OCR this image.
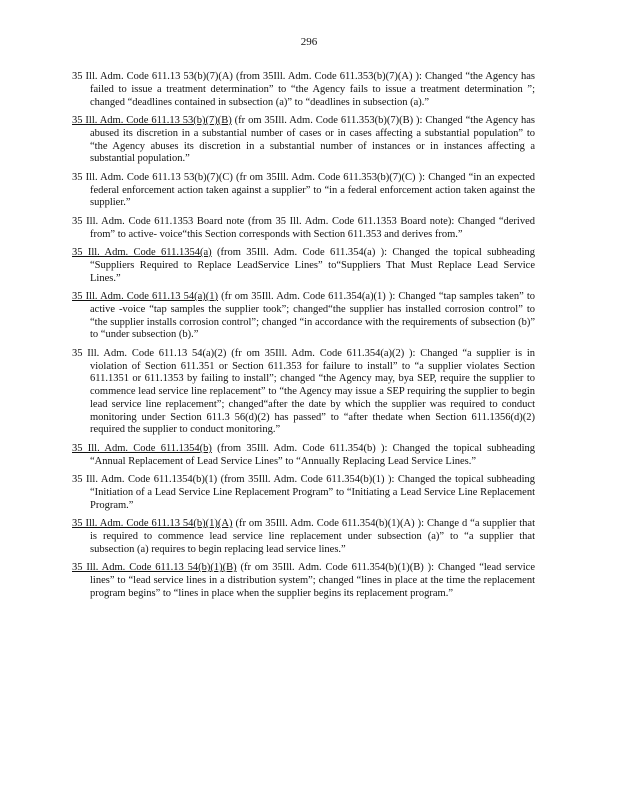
296

35 Ill. Adm. Code 611.13 53(b)(7)(A) (from 35Ill. Adm. Code 611.353(b)(7)(A) ): Changed “the Agency has failed to issue a treatment determination” to “the Agency fails to issue a treatment determination ”; changed “deadlines contained in subsection (a)” to “deadlines in subsection (a).”

35 Ill. Adm. Code 611.13 53(b)(7)(B) (fr om 35Ill. Adm. Code 611.353(b)(7)(B) ): Changed “the Agency has abused its discretion in a substantial number of cases or in cases affecting a substantial population” to “the Agency abuses its discretion in a substantial number of instances or in instances affecting a substantial population.”

35 Ill. Adm. Code 611.13 53(b)(7)(C) (fr om 35Ill. Adm. Code 611.353(b)(7)(C) ): Changed “in an expected federal enforcement action taken against a supplier” to “in a federal enforcement action taken against the supplier.”

35 Ill. Adm. Code 611.1353 Board note (from 35 Ill. Adm. Code 611.1353 Board note): Changed “derived from” to active- voice“this Section corresponds with Section 611.353 and derives from.”

35 Ill. Adm. Code 611.1354(a) (from 35Ill. Adm. Code 611.354(a) ): Changed the topical subheading “Suppliers Required to Replace LeadService Lines” to“Suppliers That Must Replace Lead Service Lines.”

35 Ill. Adm. Code 611.13 54(a)(1) (fr om 35Ill. Adm. Code 611.354(a)(1) ): Changed “tap samples taken” to active -voice “tap samples the supplier took”; changed“the supplier has installed corrosion control” to “the supplier installs corrosion control”; changed “in accordance with the requirements of subsection (b)” to “under subsection (b).”

35 Ill. Adm. Code 611.13 54(a)(2) (fr om 35Ill. Adm. Code 611.354(a)(2) ): Changed “a supplier is in violation of Section 611.351 or Section 611.353 for failure to install” to “a supplier violates Section 611.1351 or 611.1353 by failing to install”; changed “the Agency may, bya SEP, require the supplier to commence lead service line replacement” to “the Agency may issue a SEP requiring the supplier to begin lead service line replacement”; changed“after the date by which the supplier was required to conduct monitoring under Section 611.3 56(d)(2) has passed” to “after thedate when Section 611.1356(d)(2) required the supplier to conduct monitoring.”

35 Ill. Adm. Code 611.1354(b) (from 35Ill. Adm. Code 611.354(b) ): Changed the topical subheading “Annual Replacement of Lead Service Lines” to “Annually Replacing Lead Service Lines.”

35 Ill. Adm. Code 611.1354(b)(1) (from 35Ill. Adm. Code 611.354(b)(1) ): Changed the topical subheading “Initiation of a Lead Service Line Replacement Program” to “Initiating a Lead Service Line Replacement Program.”

35 Ill. Adm. Code 611.13 54(b)(1)(A) (fr om 35Ill. Adm. Code 611.354(b)(1)(A) ): Change d “a supplier that is required to commence lead service line replacement under subsection (a)” to “a supplier that subsection (a) requires to begin replacing lead service lines.”

35 Ill. Adm. Code 611.13 54(b)(1)(B) (fr om 35Ill. Adm. Code 611.354(b)(1)(B) ): Changed “lead service lines” to “lead service lines in a distribution system”; changed “lines in place at the time the replacement program begins” to “lines in place when the supplier begins its replacement program.”
